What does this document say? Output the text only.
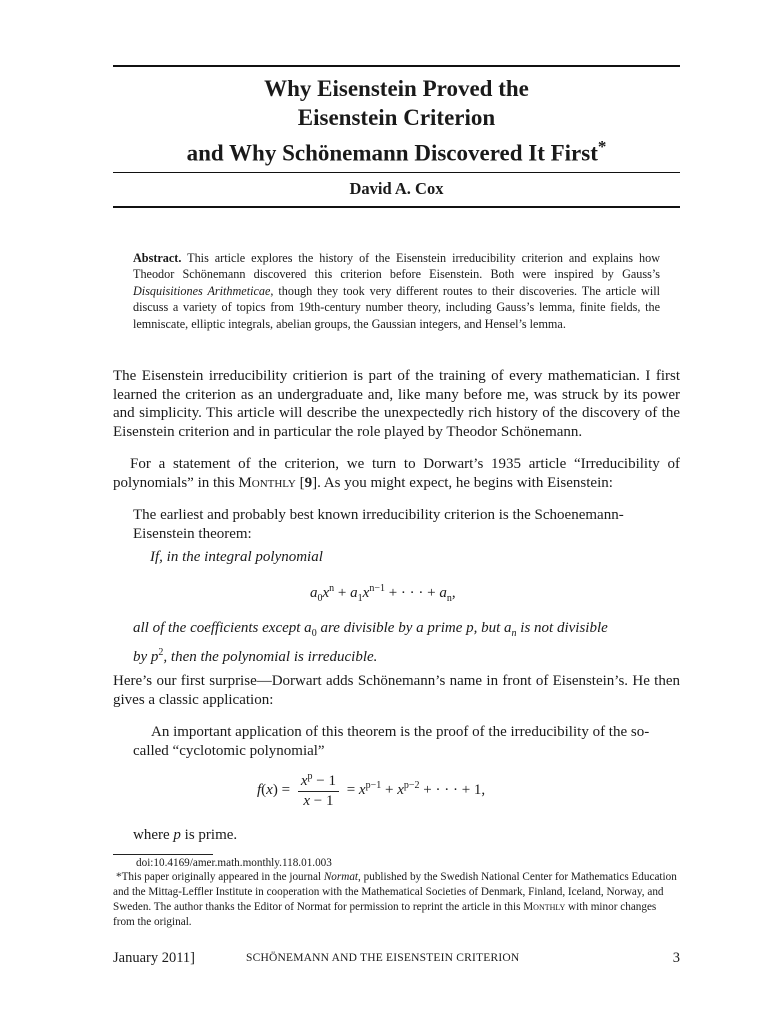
Why Eisenstein Proved the
Eisenstein Criterion
and Why Schönemann Discovered It First*
David A. Cox
Abstract. This article explores the history of the Eisenstein irreducibility criterion and explains how Theodor Schönemann discovered this criterion before Eisenstein. Both were inspired by Gauss’s Disquisitiones Arithmeticae, though they took very different routes to their discoveries. The article will discuss a variety of topics from 19th-century number theory, including Gauss’s lemma, finite fields, the lemniscate, elliptic integrals, abelian groups, the Gaussian integers, and Hensel’s lemma.
The Eisenstein irreducibility critierion is part of the training of every mathematician. I first learned the criterion as an undergraduate and, like many before me, was struck by its power and simplicity. This article will describe the unexpectedly rich history of the discovery of the Eisenstein criterion and in particular the role played by Theodor Schönemann.
For a statement of the criterion, we turn to Dorwart’s 1935 article “Irreducibility of polynomials” in this Monthly [9]. As you might expect, he begins with Eisenstein:
The earliest and probably best known irreducibility criterion is the Schoenemann-Eisenstein theorem:
If, in the integral polynomial
$a_0x^n + a_1x^{n-1}$ + · · · + $a_n$,
all of the coefficients except $a_0$ are divisible by a prime p, but $a_n$ is not divisible
by $p^2$, then the polynomial is irreducible.
Here’s our first surprise—Dorwart adds Schönemann’s name in front of Eisenstein’s. He then gives a classic application:
An important application of this theorem is the proof of the irreducibility of the so-called “cyclotomic polynomial”
$f(x) = \frac{x^p - 1}{x - 1} = x^{p-1} + x^{p-2}$ + · · · + 1,
where p is prime.
doi:10.4169/amer.math.monthly.118.01.003
*This paper originally appeared in the journal Normat, published by the Swedish National Center for Mathematics Education and the Mittag-Leffler Institute in cooperation with the Mathematical Societies of Denmark, Finland, Iceland, Norway, and Sweden. The author thanks the Editor of Normat for permission to reprint the article in this Monthly with minor changes from the original.
January 2011]	SCHÖNEMANN AND THE EISENSTEIN CRITERION	3
